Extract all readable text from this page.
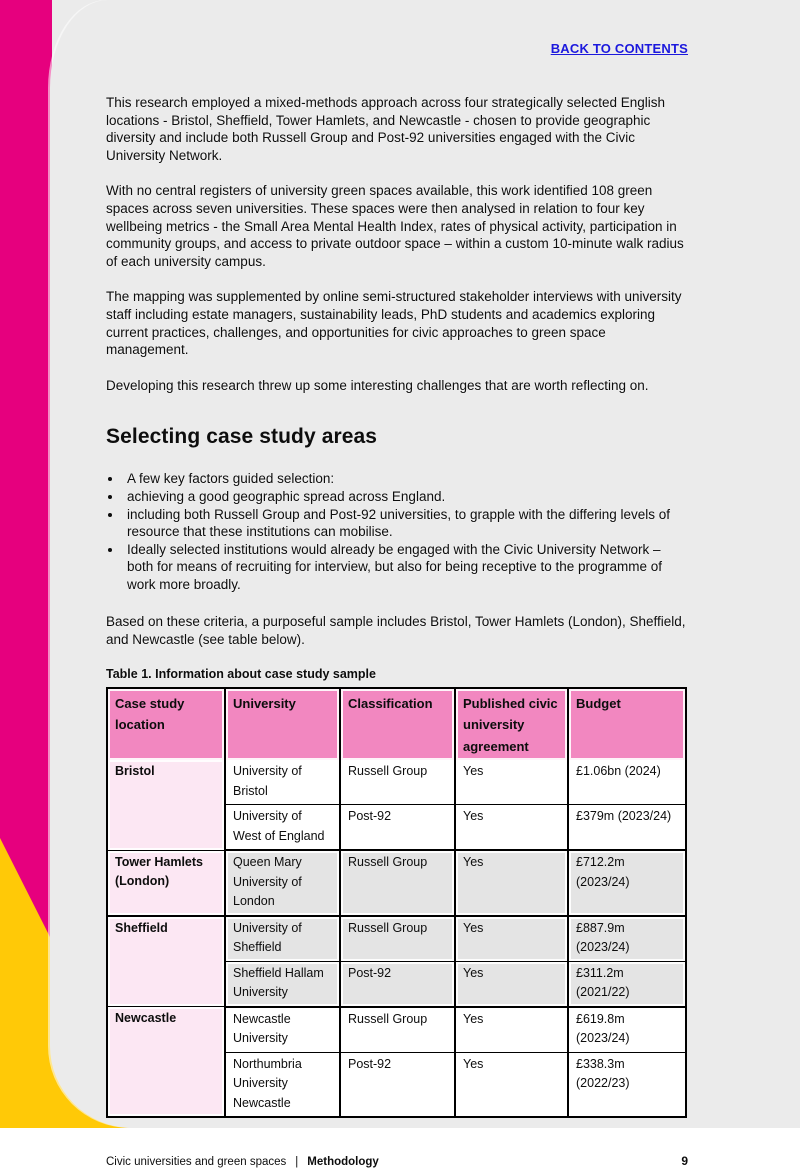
BACK TO CONTENTS

This research employed a mixed-methods approach across four strategically selected English locations - Bristol, Sheffield, Tower Hamlets, and Newcastle - chosen to provide geographic diversity and include both Russell Group and Post-92 universities engaged with the Civic University Network.

With no central registers of university green spaces available, this work identified 108 green spaces across seven universities. These spaces were then analysed in relation to four key wellbeing metrics - the Small Area Mental Health Index, rates of physical activity, participation in community groups, and access to private outdoor space – within a custom 10-minute walk radius of each university campus.

The mapping was supplemented by online semi-structured stakeholder interviews with university staff including estate managers, sustainability leads, PhD students and academics exploring current practices, challenges, and opportunities for civic approaches to green space management.

Developing this research threw up some interesting challenges that are worth reflecting on.

Selecting case study areas
• A few key factors guided selection:
• achieving a good geographic spread across England.
• including both Russell Group and Post-92 universities, to grapple with the differing levels of resource that these institutions can mobilise.
• Ideally selected institutions would already be engaged with the Civic University Network – both for means of recruiting for interview, but also for being receptive to the programme of work more broadly.

Based on these criteria, a purposeful sample includes Bristol, Tower Hamlets (London), Sheffield, and Newcastle (see table below).

Table 1. Information about case study sample
Case study location	University	Classification	Published civic university agreement	Budget
Bristol	University of Bristol	Russell Group	Yes	£1.06bn (2024)
	University of West of England	Post-92	Yes	£379m (2023/24)
Tower Hamlets (London)	Queen Mary University of London	Russell Group	Yes	£712.2m (2023/24)
Sheffield	University of Sheffield	Russell Group	Yes	£887.9m (2023/24)
	Sheffield Hallam University	Post-92	Yes	£311.2m (2021/22)
Newcastle	Newcastle University	Russell Group	Yes	£619.8m (2023/24)
	Northumbria University Newcastle	Post-92	Yes	£338.3m (2022/23)
Civic universities and green spaces | Methodology	9
